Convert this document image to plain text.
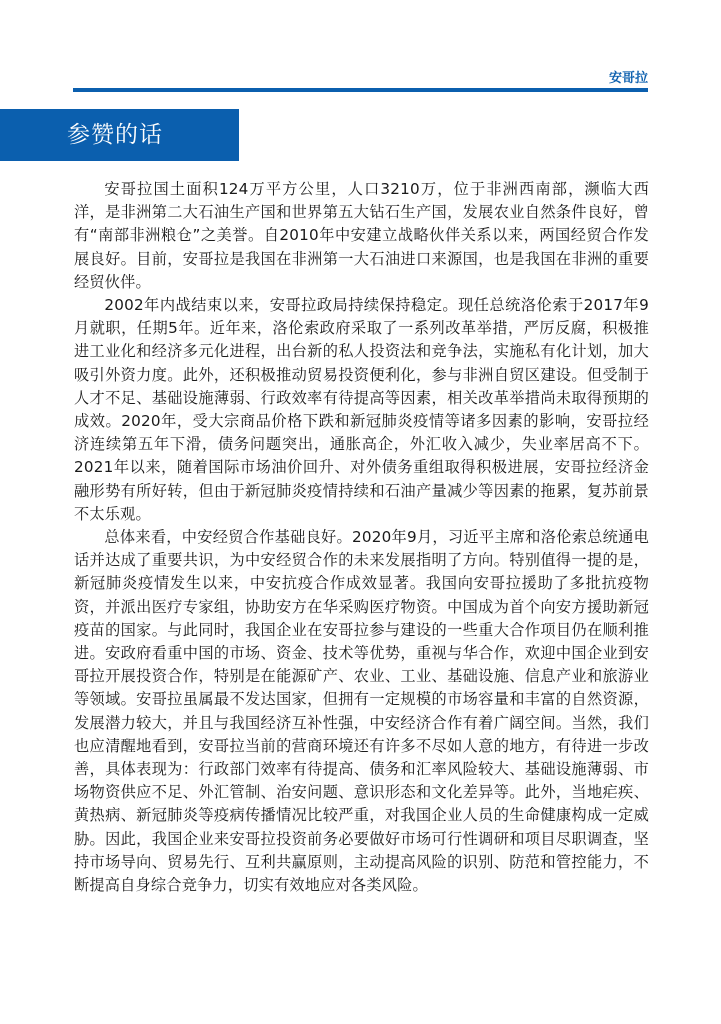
安哥拉
参赞的话

安哥拉国土面积124万平方公里，人口3210万，位于非洲西南部，濒临大西洋，是非洲第二大石油生产国和世界第五大钻石生产国，发展农业自然条件良好，曾有“南部非洲粮仓”之美誉。自2010年中安建立战略伙伴关系以来，两国经贸合作发展良好。目前，安哥拉是我国在非洲第一大石油进口来源国，也是我国在非洲的重要经贸伙伴。

2002年内战结束以来，安哥拉政局持续保持稳定。现任总统洛伦索于2017年9月就职，任期5年。近年来，洛伦索政府采取了一系列改革举措，严厉反腐，积极推进工业化和经济多元化进程，出台新的私人投资法和竞争法，实施私有化计划，加大吸引外资力度。此外，还积极推动贸易投资便利化，参与非洲自贸区建设。但受制于人才不足、基础设施薄弱、行政效率有待提高等因素，相关改革举措尚未取得预期的成效。2020年，受大宗商品价格下跌和新冠肺炎疫情等诸多因素的影响，安哥拉经济连续第五年下滑，债务问题突出，通胀高企，外汇收入减少，失业率居高不下。2021年以来，随着国际市场油价回升、对外债务重组取得积极进展，安哥拉经济金融形势有所好转，但由于新冠肺炎疫情持续和石油产量减少等因素的拖累，复苏前景不太乐观。

总体来看，中安经贸合作基础良好。2020年9月，习近平主席和洛伦索总统通电话并达成了重要共识，为中安经贸合作的未来发展指明了方向。特别值得一提的是，新冠肺炎疫情发生以来，中安抗疫合作成效显著。我国向安哥拉援助了多批抗疫物资，并派出医疗专家组，协助安方在华采购医疗物资。中国成为首个向安方援助新冠疫苗的国家。与此同时，我国企业在安哥拉参与建设的一些重大合作项目仍在顺利推进。安政府看重中国的市场、资金、技术等优势，重视与华合作，欢迎中国企业到安哥拉开展投资合作，特别是在能源矿产、农业、工业、基础设施、信息产业和旅游业等领域。安哥拉虽属最不发达国家，但拥有一定规模的市场容量和丰富的自然资源，发展潜力较大，并且与我国经济互补性强，中安经济合作有着广阔空间。当然，我们也应清醒地看到，安哥拉当前的营商环境还有许多不尽如人意的地方，有待进一步改善，具体表现为：行政部门效率有待提高、债务和汇率风险较大、基础设施薄弱、市场物资供应不足、外汇管制、治安问题、意识形态和文化差异等。此外，当地疟疾、黄热病、新冠肺炎等疫病传播情况比较严重，对我国企业人员的生命健康构成一定威胁。因此，我国企业来安哥拉投资前务必要做好市场可行性调研和项目尽职调查，坚持市场导向、贸易先行、互利共赢原则，主动提高风险的识别、防范和管控能力，不断提高自身综合竞争力，切实有效地应对各类风险。
